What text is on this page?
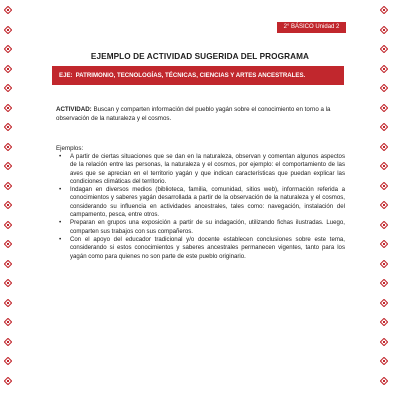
2° BÁSICO Unidad 2
EJEMPLO DE ACTIVIDAD SUGERIDA DEL PROGRAMA
EJE: PATRIMONIO, TECNOLOGÍAS, TÉCNICAS, CIENCIAS Y ARTES ANCESTRALES.
ACTIVIDAD: Buscan y comparten información del pueblo yagán sobre el conocimiento en torno a la observación de la naturaleza y el cosmos.
Ejemplos:
• A partir de ciertas situaciones que se dan en la naturaleza, observan y comentan algunos aspectos de la relación entre las personas, la naturaleza y el cosmos, por ejemplo: el comportamiento de las aves que se aprecian en el territorio yagán y que indican características que puedan explicar las condiciones climáticas del territorio.
• Indagan en diversos medios (biblioteca, familia, comunidad, sitios web), información referida a conocimientos y saberes yagán desarrollada a partir de la observación de la naturaleza y el cosmos, considerando su influencia en actividades ancestrales, tales como: navegación, instalación del campamento, pesca, entre otros.
• Preparan en grupos una exposición a partir de su indagación, utilizando fichas ilustradas. Luego, comparten sus trabajos con sus compañeros.
• Con el apoyo del educador tradicional y/o docente establecen conclusiones sobre este tema, considerando si estos conocimientos y saberes ancestrales permanecen vigentes, tanto para los yagán como para quienes no son parte de este pueblo originario.
